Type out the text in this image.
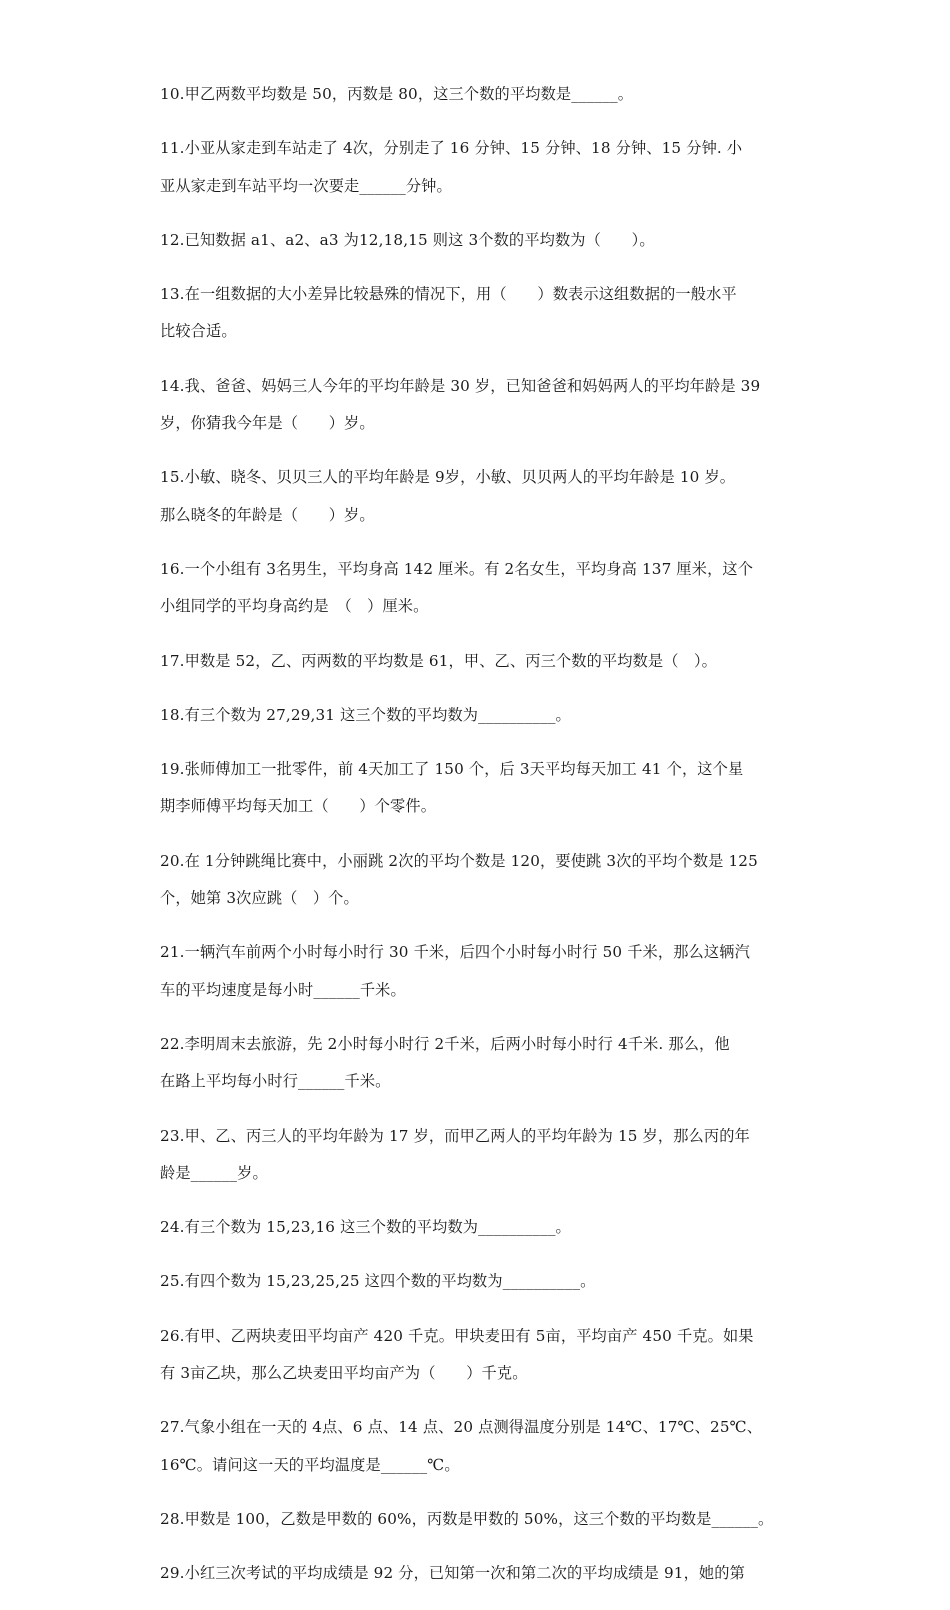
10.甲乙两数平均数是 50，丙数是 80，这三个数的平均数是______。
11.小亚从家走到车站走了 4次，分别走了 16 分钟、15 分钟、18 分钟、15 分钟. 小
亚从家走到车站平均一次要走______分钟。
12.已知数据 a1、a2、a3 为12,18,15 则这 3个数的平均数为（　　）。
13.在一组数据的大小差异比较悬殊的情况下，用（　　）数表示这组数据的一般水平
比较合适。
14.我、爸爸、妈妈三人今年的平均年龄是 30 岁，已知爸爸和妈妈两人的平均年龄是 39
岁，你猜我今年是（　　）岁。
15.小敏、晓冬、贝贝三人的平均年龄是 9岁，小敏、贝贝两人的平均年龄是 10 岁。
那么晓冬的年龄是（　　）岁。
16.一个小组有 3名男生，平均身高 142 厘米。有 2名女生，平均身高 137 厘米，这个
小组同学的平均身高约是　（　）厘米。
17.甲数是 52，乙、丙两数的平均数是 61，甲、乙、丙三个数的平均数是（　）。
18.有三个数为 27,29,31 这三个数的平均数为__________。
19.张师傅加工一批零件，前 4天加工了 150 个，后 3天平均每天加工 41 个，这个星
期李师傅平均每天加工（　　）个零件。
20.在 1分钟跳绳比赛中，小丽跳 2次的平均个数是 120，要使跳 3次的平均个数是 125
个，她第 3次应跳（　）个。
21.一辆汽车前两个小时每小时行 30 千米，后四个小时每小时行 50 千米，那么这辆汽
车的平均速度是每小时______千米。
22.李明周末去旅游，先 2小时每小时行 2千米，后两小时每小时行 4千米. 那么，他
在路上平均每小时行______千米。
23.甲、乙、丙三人的平均年龄为 17 岁，而甲乙两人的平均年龄为 15 岁，那么丙的年
龄是______岁。
24.有三个数为 15,23,16 这三个数的平均数为__________。
25.有四个数为 15,23,25,25 这四个数的平均数为__________。
26.有甲、乙两块麦田平均亩产 420 千克。甲块麦田有 5亩，平均亩产 450 千克。如果
有 3亩乙块，那么乙块麦田平均亩产为（　　）千克。
27.气象小组在一天的 4点、6 点、14 点、20 点测得温度分别是 14℃、17℃、25℃、
16℃。请问这一天的平均温度是______℃。
28.甲数是 100，乙数是甲数的 60%，丙数是甲数的 50%，这三个数的平均数是______。
29.小红三次考试的平均成绩是 92 分，已知第一次和第二次的平均成绩是 91，她的第
